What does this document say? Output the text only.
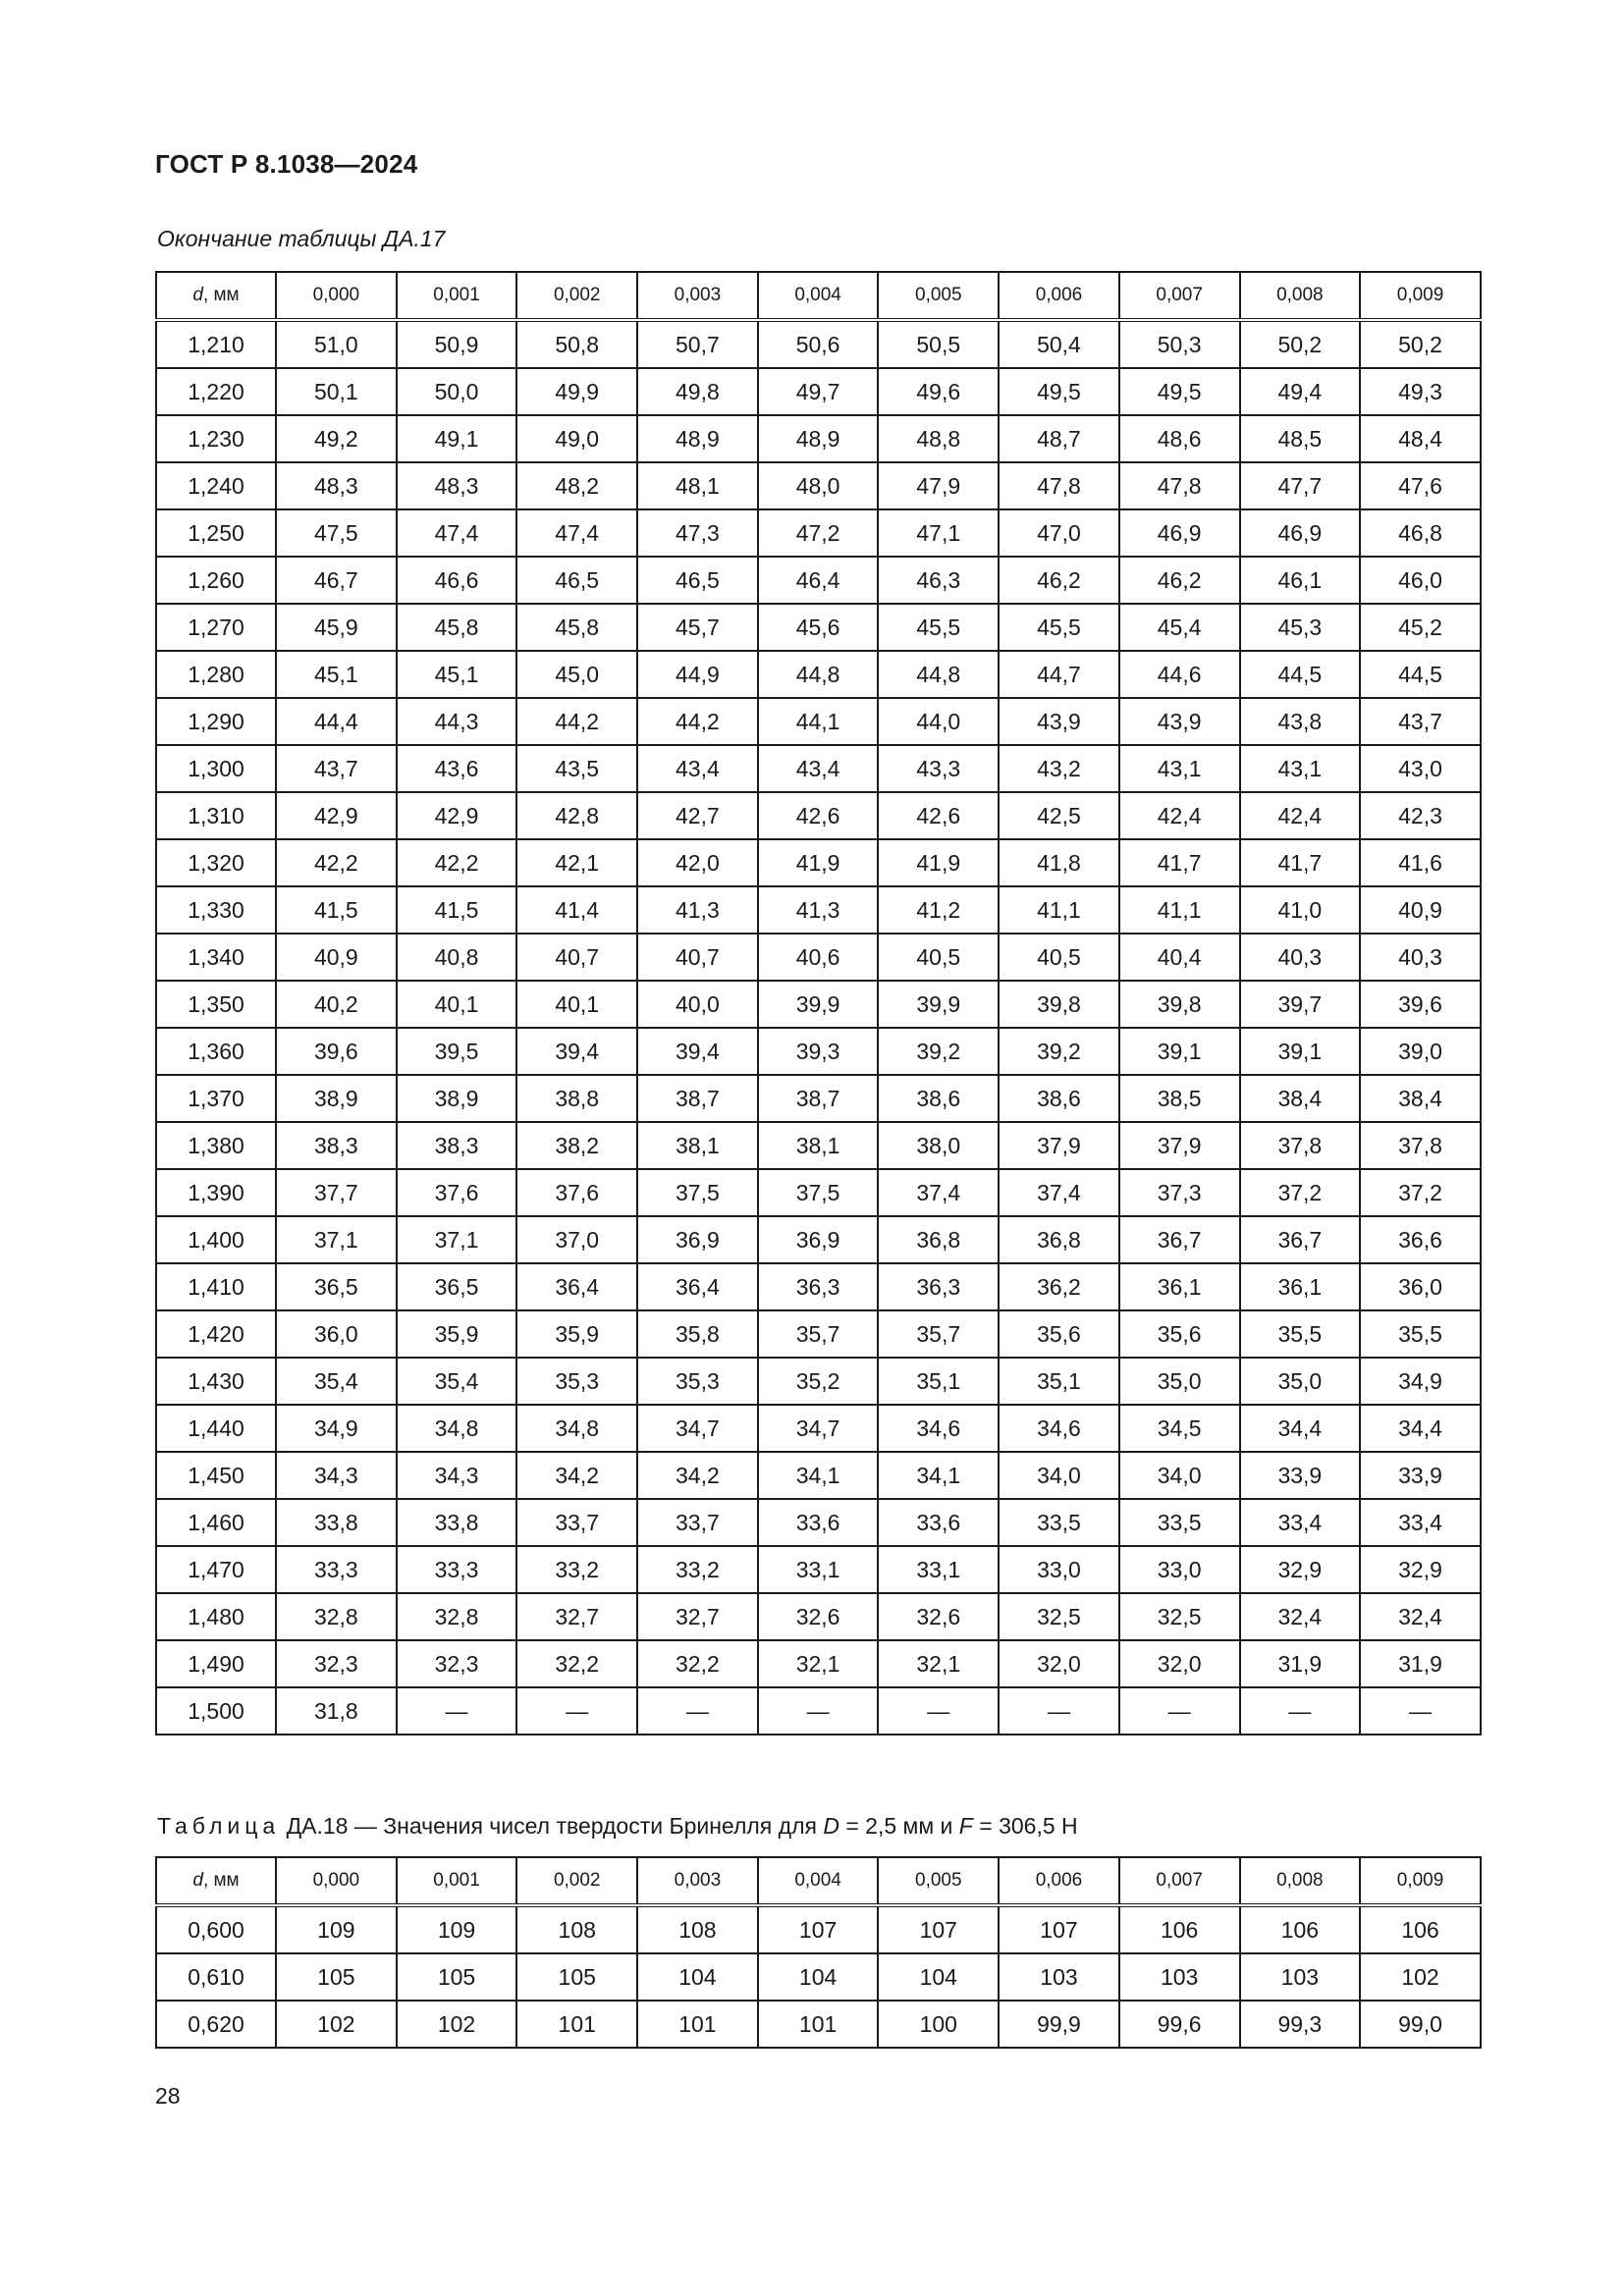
ГОСТ Р 8.1038—2024
Окончание таблицы ДА.17
d, мм	0,000	0,001	0,002	0,003	0,004	0,005	0,006	0,007	0,008	0,009
1,210	51,0	50,9	50,8	50,7	50,6	50,5	50,4	50,3	50,2	50,2
1,220	50,1	50,0	49,9	49,8	49,7	49,6	49,5	49,5	49,4	49,3
1,230	49,2	49,1	49,0	48,9	48,9	48,8	48,7	48,6	48,5	48,4
1,240	48,3	48,3	48,2	48,1	48,0	47,9	47,8	47,8	47,7	47,6
1,250	47,5	47,4	47,4	47,3	47,2	47,1	47,0	46,9	46,9	46,8
1,260	46,7	46,6	46,5	46,5	46,4	46,3	46,2	46,2	46,1	46,0
1,270	45,9	45,8	45,8	45,7	45,6	45,5	45,5	45,4	45,3	45,2
1,280	45,1	45,1	45,0	44,9	44,8	44,8	44,7	44,6	44,5	44,5
1,290	44,4	44,3	44,2	44,2	44,1	44,0	43,9	43,9	43,8	43,7
1,300	43,7	43,6	43,5	43,4	43,4	43,3	43,2	43,1	43,1	43,0
1,310	42,9	42,9	42,8	42,7	42,6	42,6	42,5	42,4	42,4	42,3
1,320	42,2	42,2	42,1	42,0	41,9	41,9	41,8	41,7	41,7	41,6
1,330	41,5	41,5	41,4	41,3	41,3	41,2	41,1	41,1	41,0	40,9
1,340	40,9	40,8	40,7	40,7	40,6	40,5	40,5	40,4	40,3	40,3
1,350	40,2	40,1	40,1	40,0	39,9	39,9	39,8	39,8	39,7	39,6
1,360	39,6	39,5	39,4	39,4	39,3	39,2	39,2	39,1	39,1	39,0
1,370	38,9	38,9	38,8	38,7	38,7	38,6	38,6	38,5	38,4	38,4
1,380	38,3	38,3	38,2	38,1	38,1	38,0	37,9	37,9	37,8	37,8
1,390	37,7	37,6	37,6	37,5	37,5	37,4	37,4	37,3	37,2	37,2
1,400	37,1	37,1	37,0	36,9	36,9	36,8	36,8	36,7	36,7	36,6
1,410	36,5	36,5	36,4	36,4	36,3	36,3	36,2	36,1	36,1	36,0
1,420	36,0	35,9	35,9	35,8	35,7	35,7	35,6	35,6	35,5	35,5
1,430	35,4	35,4	35,3	35,3	35,2	35,1	35,1	35,0	35,0	34,9
1,440	34,9	34,8	34,8	34,7	34,7	34,6	34,6	34,5	34,4	34,4
1,450	34,3	34,3	34,2	34,2	34,1	34,1	34,0	34,0	33,9	33,9
1,460	33,8	33,8	33,7	33,7	33,6	33,6	33,5	33,5	33,4	33,4
1,470	33,3	33,3	33,2	33,2	33,1	33,1	33,0	33,0	32,9	32,9
1,480	32,8	32,8	32,7	32,7	32,6	32,6	32,5	32,5	32,4	32,4
1,490	32,3	32,3	32,2	32,2	32,1	32,1	32,0	32,0	31,9	31,9
1,500	31,8	—	—	—	—	—	—	—	—	—
Таблица ДА.18 — Значения чисел твердости Бринелля для D = 2,5 мм и F = 306,5 Н
d, мм	0,000	0,001	0,002	0,003	0,004	0,005	0,006	0,007	0,008	0,009
0,600	109	109	108	108	107	107	107	106	106	106
0,610	105	105	105	104	104	104	103	103	103	102
0,620	102	102	101	101	101	100	99,9	99,6	99,3	99,0
28
